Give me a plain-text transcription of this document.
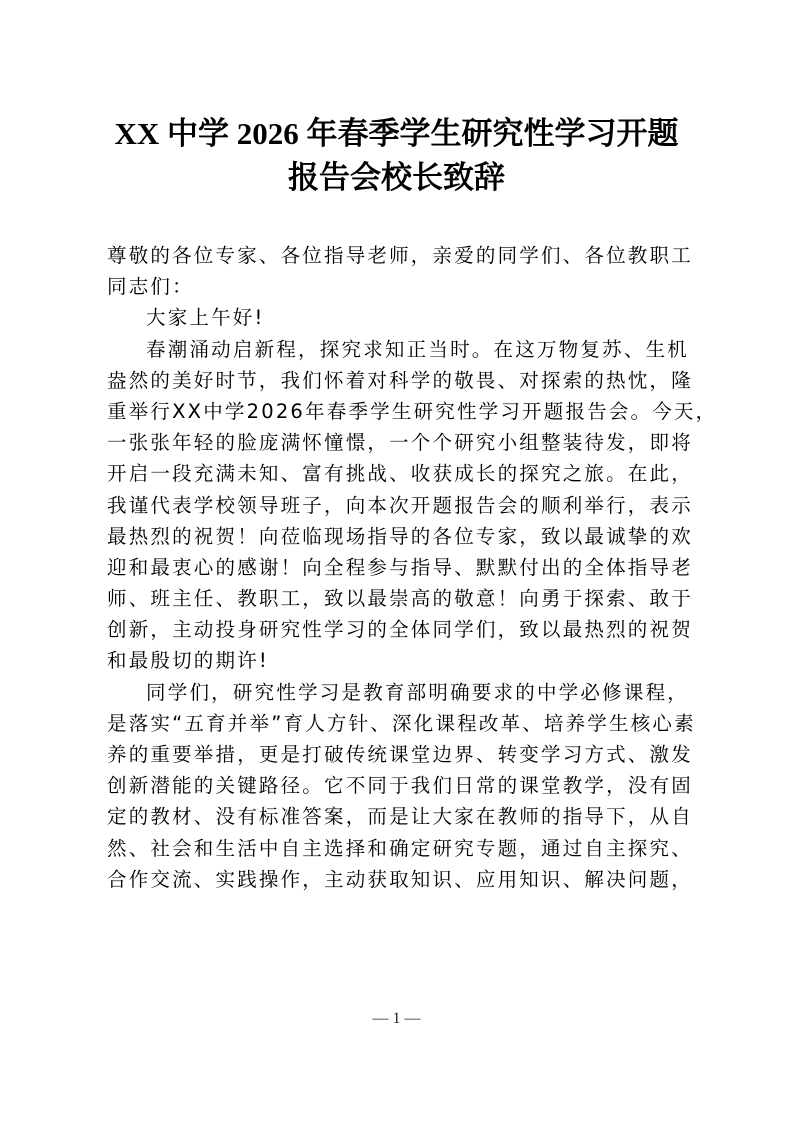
XX 中学 2026 年春季学生研究性学习开题
报告会校长致辞
尊敬的各位专家、各位指导老师，亲爱的同学们、各位教职工
同志们：
大家上午好!
春潮涌动启新程，探究求知正当时。在这万物复苏、生机
盎然的美好时节，我们怀着对科学的敬畏、对探索的热忱，隆
重举行XX中学2026年春季学生研究性学习开题报告会。今天，
一张张年轻的脸庞满怀憧憬，一个个研究小组整装待发，即将
开启一段充满未知、富有挑战、收获成长的探究之旅。在此，
我谨代表学校领导班子，向本次开题报告会的顺利举行，表示
最热烈的祝贺！向莅临现场指导的各位专家，致以最诚挚的欢
迎和最衷心的感谢！向全程参与指导、默默付出的全体指导老
师、班主任、教职工，致以最崇高的敬意！向勇于探索、敢于
创新，主动投身研究性学习的全体同学们，致以最热烈的祝贺
和最殷切的期许!
同学们，研究性学习是教育部明确要求的中学必修课程，
是落实“五育并举”育人方针、深化课程改革、培养学生核心素
养的重要举措，更是打破传统课堂边界、转变学习方式、激发
创新潜能的关键路径。它不同于我们日常的课堂教学，没有固
定的教材、没有标准答案，而是让大家在教师的指导下，从自
然、社会和生活中自主选择和确定研究专题，通过自主探究、
合作交流、实践操作，主动获取知识、应用知识、解决问题，
— 1 —
